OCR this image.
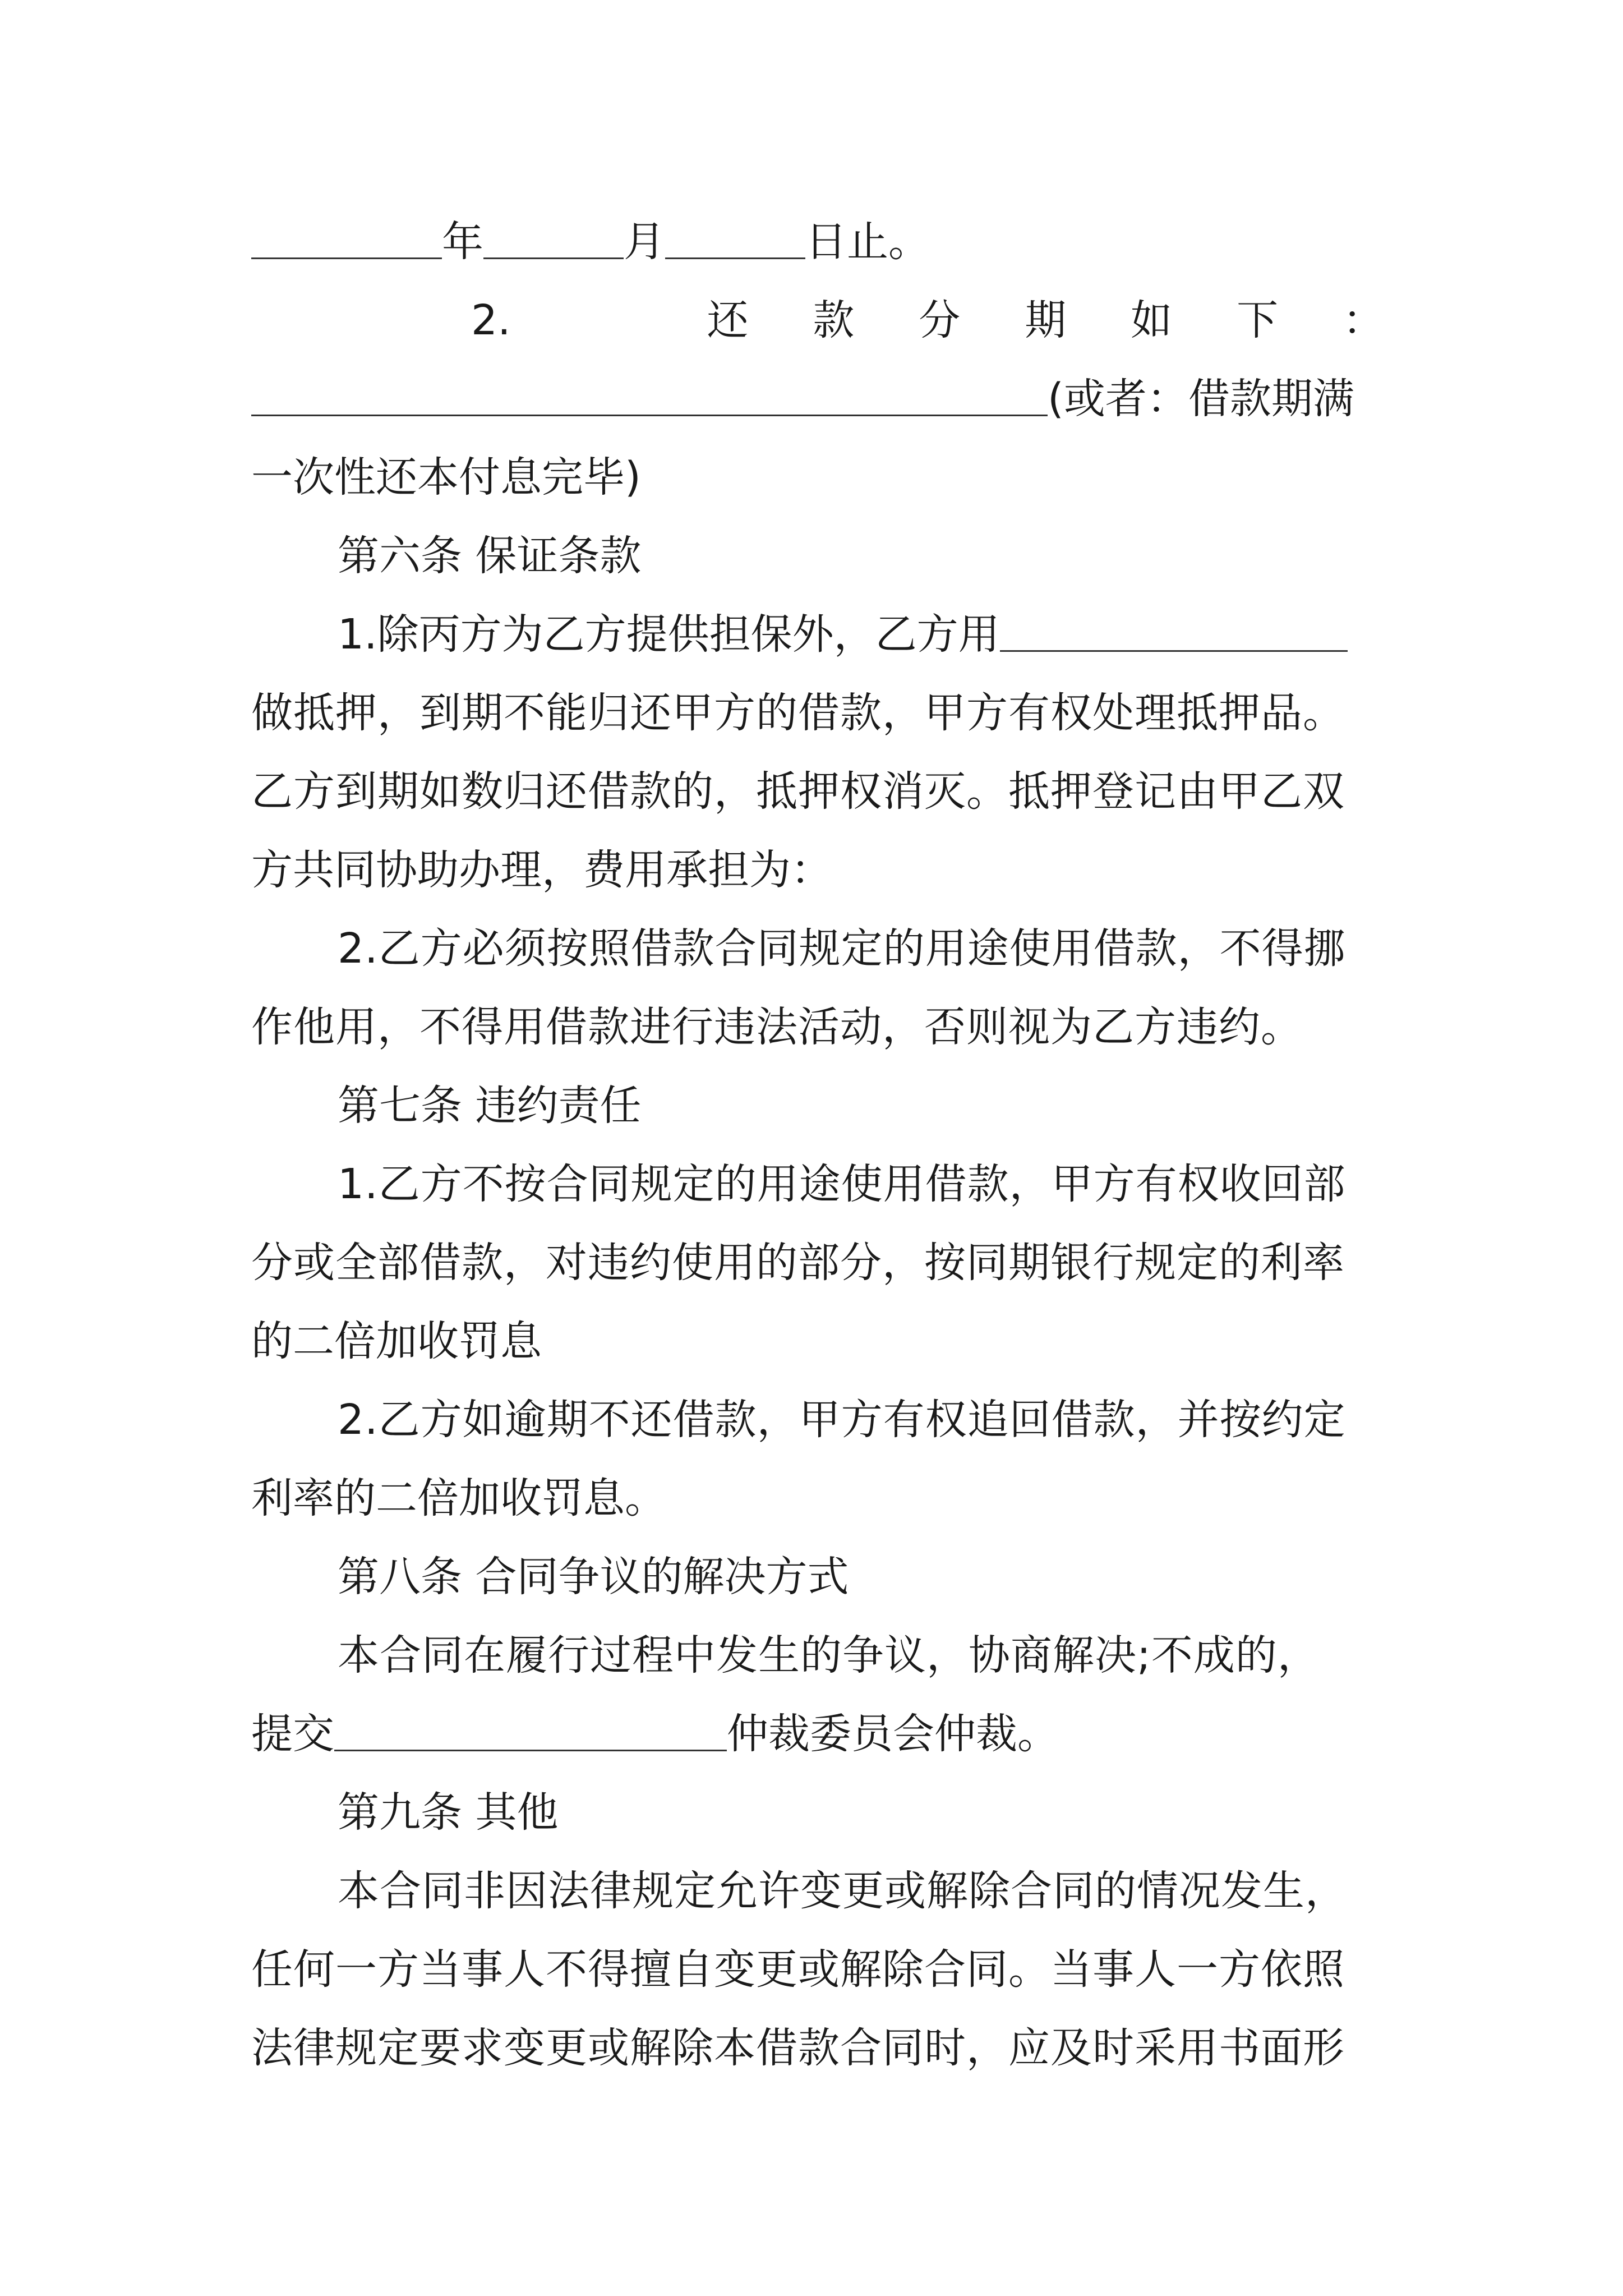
年	月	日止。
2.	还 款 分 期 如 下 ：
(或者：借款期满
一次性还本付息完毕)
第六条 保证条款
1.除丙方为乙方提供担保外，乙方用
做抵押，到期不能归还甲方的借款，甲方有权处理抵押品。
乙方到期如数归还借款的，抵押权消灭。抵押登记由甲乙双
方共同协助办理，费用承担为：
2.乙方必须按照借款合同规定的用途使用借款，不得挪
作他用，不得用借款进行违法活动，否则视为乙方违约。
第七条 违约责任
1.乙方不按合同规定的用途使用借款，甲方有权收回部
分或全部借款，对违约使用的部分，按同期银行规定的利率
的二倍加收罚息
2.乙方如逾期不还借款，甲方有权追回借款，并按约定
利率的二倍加收罚息。
第八条 合同争议的解决方式
本合同在履行过程中发生的争议，协商解决;不成的，
提交	仲裁委员会仲裁。
第九条 其他
本合同非因法律规定允许变更或解除合同的情况发生，
任何一方当事人不得擅自变更或解除合同。当事人一方依照
法律规定要求变更或解除本借款合同时，应及时采用书面形
